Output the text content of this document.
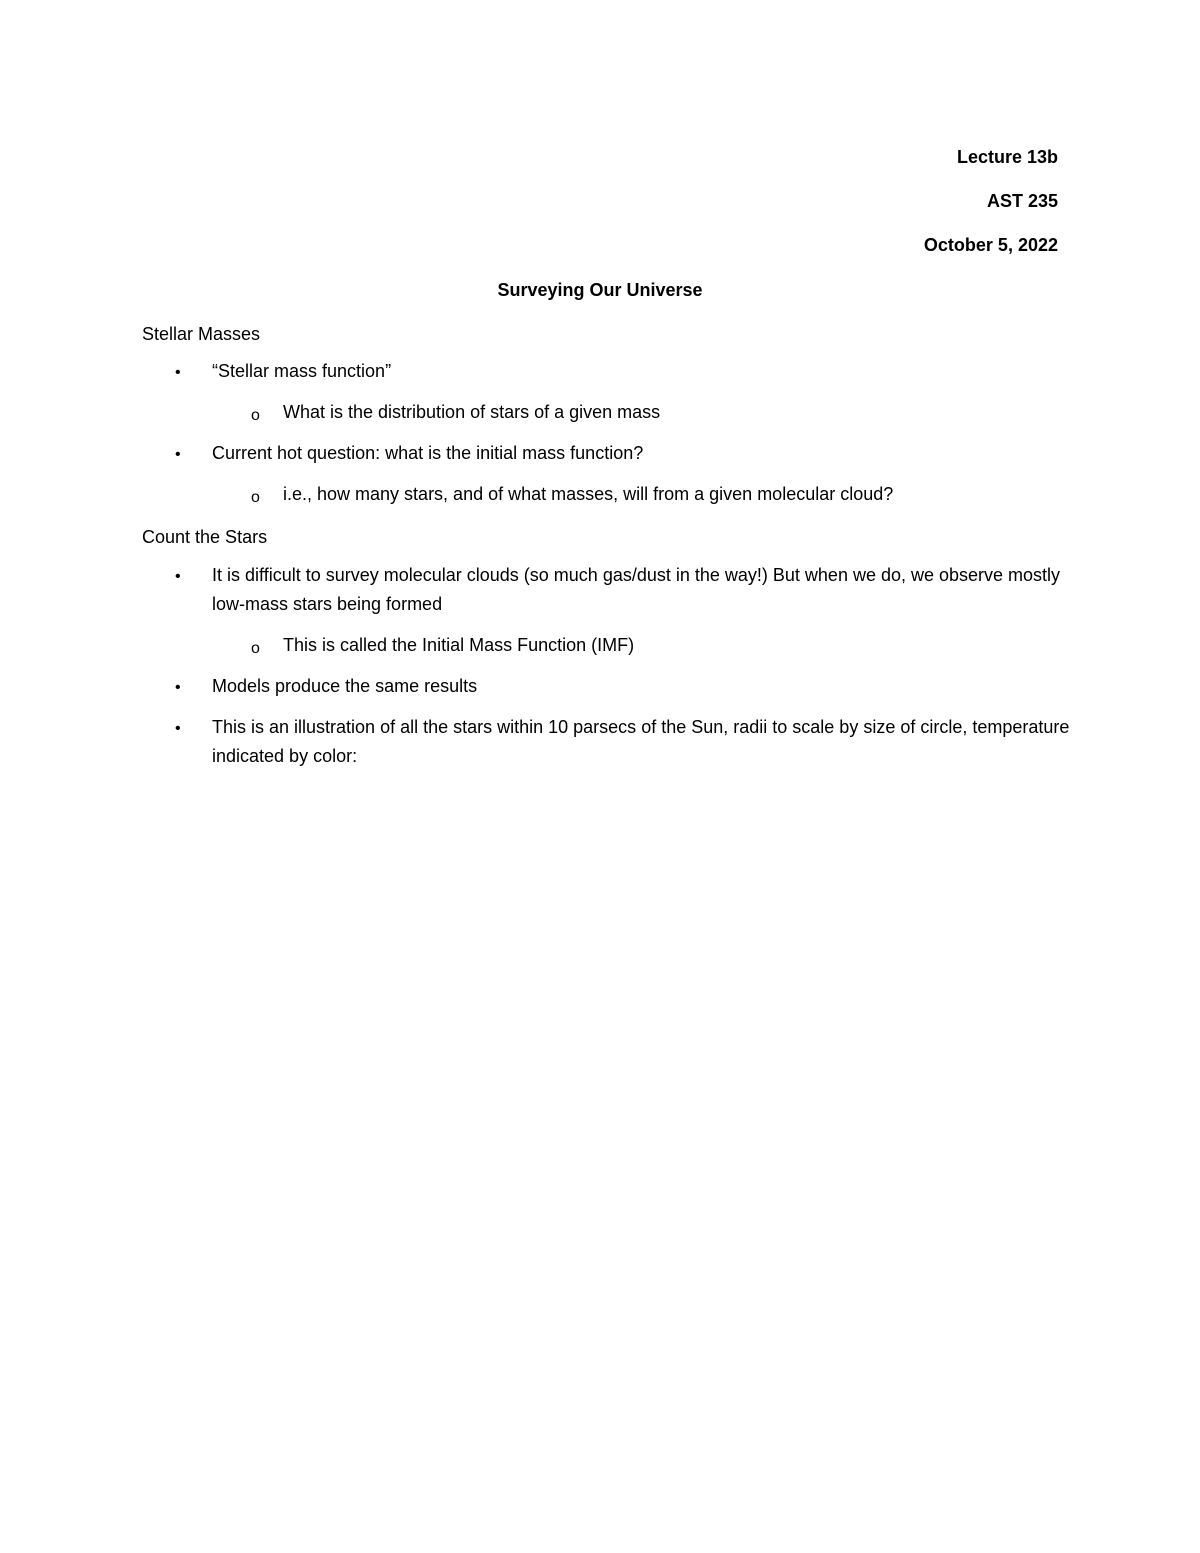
Lecture 13b
AST 235
October 5, 2022
Surveying Our Universe
Stellar Masses
• “Stellar mass function”
o What is the distribution of stars of a given mass
• Current hot question: what is the initial mass function?
o i.e., how many stars, and of what masses, will from a given molecular cloud?
Count the Stars
• It is difficult to survey molecular clouds (so much gas/dust in the way!) But when we do, we observe mostly low-mass stars being formed
o This is called the Initial Mass Function (IMF)
• Models produce the same results
• This is an illustration of all the stars within 10 parsecs of the Sun, radii to scale by size of circle, temperature indicated by color:
